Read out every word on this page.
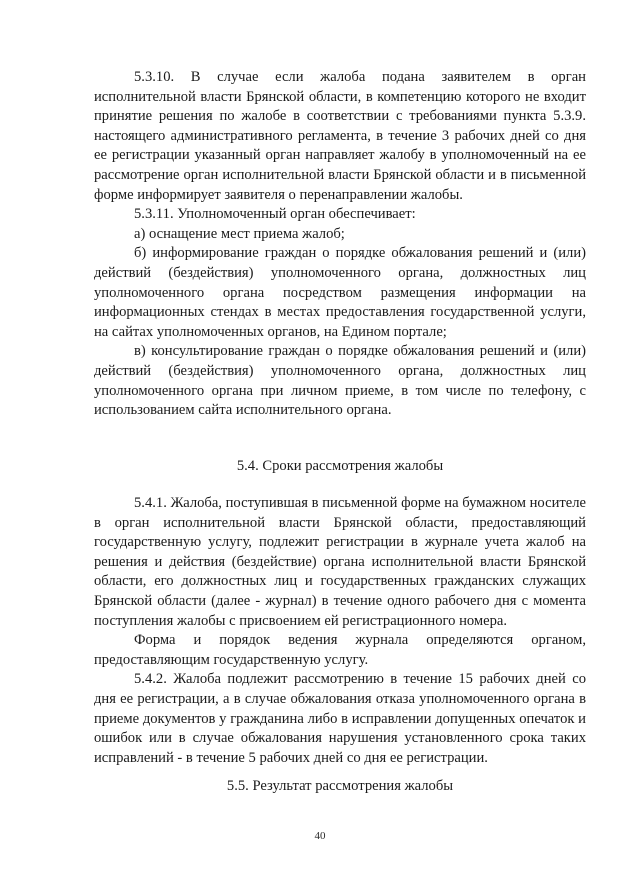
5.3.10. В случае если жалоба подана заявителем в орган исполнительной власти Брянской области, в компетенцию которого не входит принятие решения по жалобе в соответствии с требованиями пункта 5.3.9. настоящего административного регламента, в течение 3 рабочих дней со дня ее регистрации указанный орган направляет жалобу в уполномоченный на ее рассмотрение орган исполнительной власти Брянской области и в письменной форме информирует заявителя о перенаправлении жалобы.

5.3.11. Уполномоченный орган обеспечивает:

а) оснащение мест приема жалоб;

б) информирование граждан о порядке обжалования решений и (или) действий (бездействия) уполномоченного органа, должностных лиц уполномоченного органа посредством размещения информации на информационных стендах в местах предоставления государственной услуги, на сайтах уполномоченных органов, на Едином портале;

в) консультирование граждан о порядке обжалования решений и (или) действий (бездействия) уполномоченного органа, должностных лиц уполномоченного органа при личном приеме, в том числе по телефону, с использованием сайта исполнительного органа.

5.4. Сроки рассмотрения жалобы

5.4.1. Жалоба, поступившая в письменной форме на бумажном носителе в орган исполнительной власти Брянской области, предоставляющий государственную услугу, подлежит регистрации в журнале учета жалоб на решения и действия (бездействие) органа исполнительной власти Брянской области, его должностных лиц и государственных гражданских служащих Брянской области (далее - журнал) в течение одного рабочего дня с момента поступления жалобы с присвоением ей регистрационного номера.

Форма и порядок ведения журнала определяются органом, предоставляющим государственную услугу.

5.4.2. Жалоба подлежит рассмотрению в течение 15 рабочих дней со дня ее регистрации, а в случае обжалования отказа уполномоченного органа в приеме документов у гражданина либо в исправлении допущенных опечаток и ошибок или в случае обжалования нарушения установленного срока таких исправлений - в течение 5 рабочих дней со дня ее регистрации.

5.5. Результат рассмотрения жалобы

40
